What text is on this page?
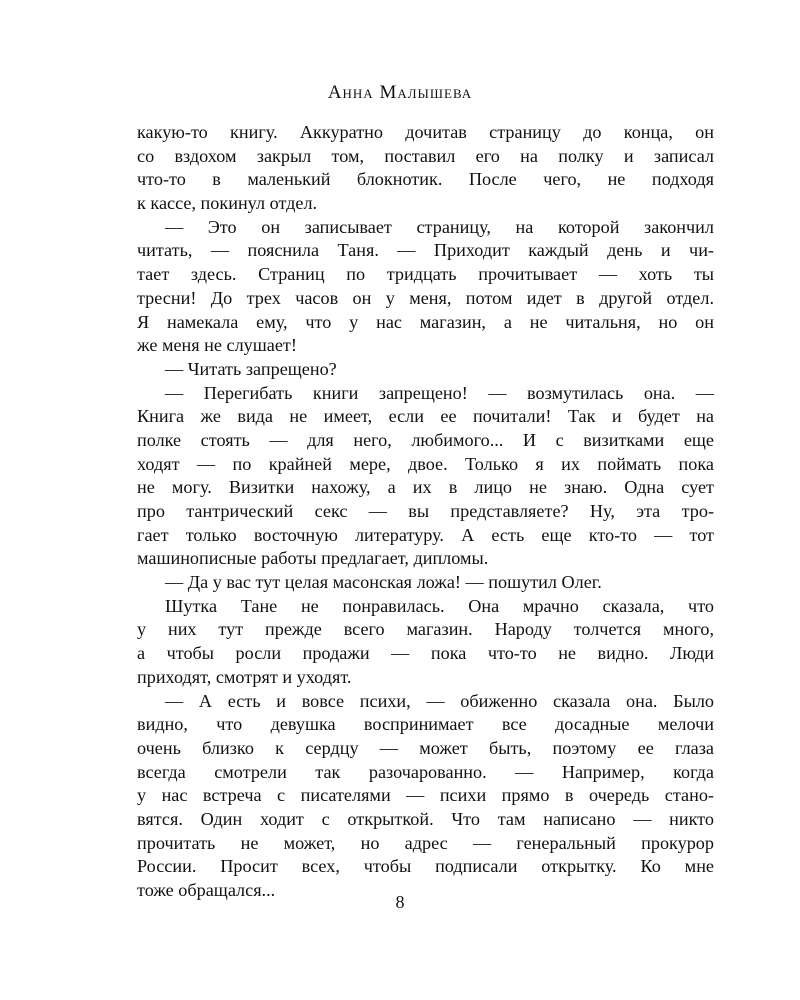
Анна Малышева
какую-то книгу. Аккуратно дочитав страницу до конца, он
со вздохом закрыл том, поставил его на полку и записал
что-то в маленький блокнотик. После чего, не подходя
к кассе, покинул отдел.
— Это он записывает страницу, на которой закончил
читать, — пояснила Таня. — Приходит каждый день и чи-
тает здесь. Страниц по тридцать прочитывает — хоть ты
тресни! До трех часов он у меня, потом идет в другой отдел.
Я намекала ему, что у нас магазин, а не читальня, но он
же меня не слушает!
— Читать запрещено?
— Перегибать книги запрещено! — возмутилась она. —
Книга же вида не имеет, если ее почитали! Так и будет на
полке стоять — для него, любимого... И с визитками еще
ходят — по крайней мере, двое. Только я их поймать пока
не могу. Визитки нахожу, а их в лицо не знаю. Одна сует
про тантрический секс — вы представляете? Ну, эта тро-
гает только восточную литературу. А есть еще кто-то — тот
машинописные работы предлагает, дипломы.
— Да у вас тут целая масонская ложа! — пошутил Олег.
Шутка Тане не понравилась. Она мрачно сказала, что
у них тут прежде всего магазин. Народу толчется много,
а чтобы росли продажи — пока что-то не видно. Люди
приходят, смотрят и уходят.
— А есть и вовсе психи, — обиженно сказала она. Было
видно, что девушка воспринимает все досадные мелочи
очень близко к сердцу — может быть, поэтому ее глаза
всегда смотрели так разочарованно. — Например, когда
у нас встреча с писателями — психи прямо в очередь стано-
вятся. Один ходит с открыткой. Что там написано — никто
прочитать не может, но адрес — генеральный прокурор
России. Просит всех, чтобы подписали открытку. Ко мне
тоже обращался...
8
